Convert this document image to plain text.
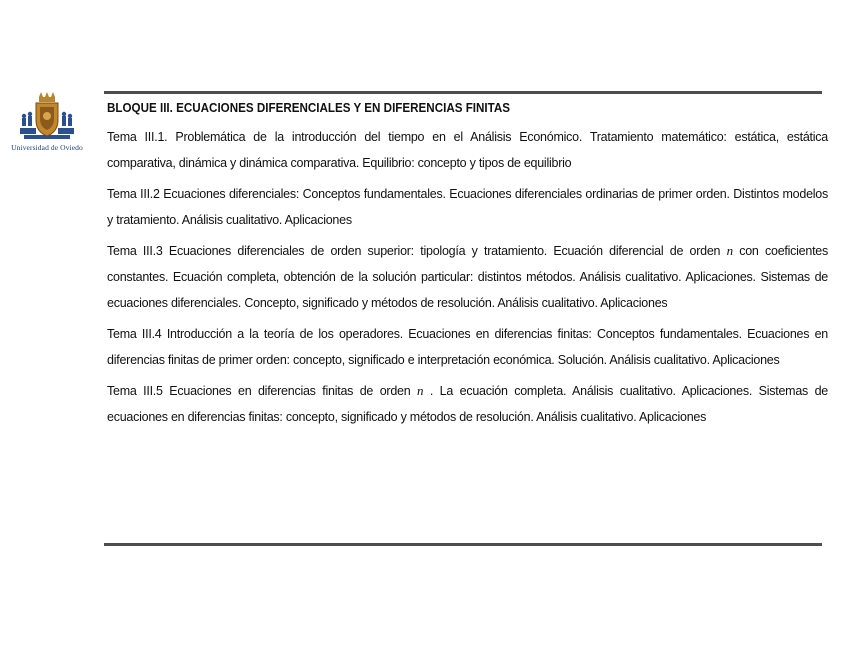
Universidad de Oviedo
BLOQUE III. ECUACIONES DIFERENCIALES Y EN DIFERENCIAS FINITAS

Tema III.1. Problemática de la introducción del tiempo en el Análisis Económico. Tratamiento matemático: estática, estática comparativa, dinámica y dinámica comparativa. Equilibrio: concepto y tipos de equilibrio

Tema III.2 Ecuaciones diferenciales: Conceptos fundamentales. Ecuaciones diferenciales ordinarias de primer orden. Distintos modelos y tratamiento. Análisis cualitativo. Aplicaciones

Tema III.3 Ecuaciones diferenciales de orden superior: tipología y tratamiento. Ecuación diferencial de orden n con coeficientes constantes. Ecuación completa, obtención de la solución particular: distintos métodos. Análisis cualitativo. Aplicaciones. Sistemas de ecuaciones diferenciales. Concepto, significado y métodos de resolución. Análisis cualitativo. Aplicaciones

Tema III.4 Introducción a la teoría de los operadores. Ecuaciones en diferencias finitas: Conceptos fundamentales. Ecuaciones en diferencias finitas de primer orden: concepto, significado e interpretación económica. Solución. Análisis cualitativo. Aplicaciones

Tema III.5 Ecuaciones en diferencias finitas de orden n . La ecuación completa. Análisis cualitativo. Aplicaciones. Sistemas de ecuaciones en diferencias finitas: concepto, significado y métodos de resolución. Análisis cualitativo. Aplicaciones
